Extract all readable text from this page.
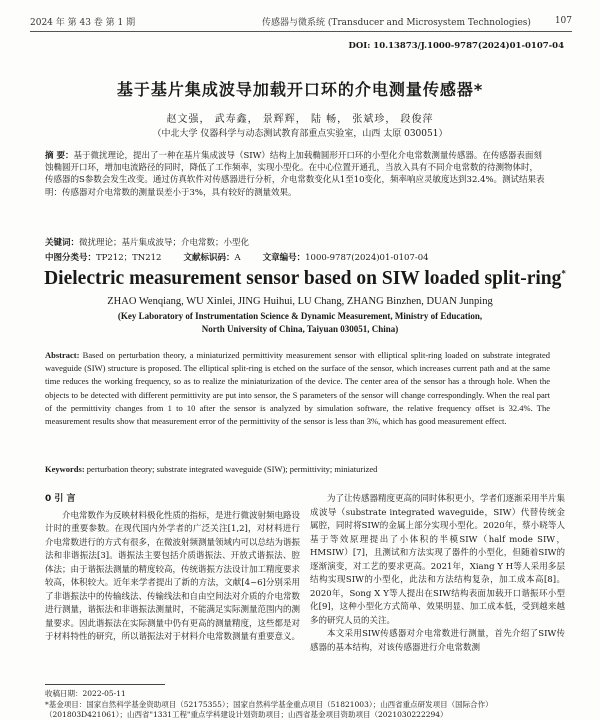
2024 年 第 43 卷 第 1 期	传感器与微系统 (Transducer and Microsystem Technologies)	107
DOI: 10.13873/J.1000-9787(2024)01-0107-04
基于基片集成波导加载开口环的介电测量传感器*
赵文强， 武寿鑫， 景辉辉， 陆 畅， 张斌珍， 段俊萍
（中北大学 仪器科学与动态测试教育部重点实验室，山西 太原 030051）
摘 要：基于微扰理论，提出了一种在基片集成波导（SIW）结构上加载椭圆形开口环的小型化介电常数测量传感器。在传感器表面刻蚀椭圆开口环，增加电流路径的同时，降低了工作频率，实现小型化。在中心位置开通孔，当放入具有不同介电常数的待测物体时，传感器的S参数会发生改变。通过仿真软件对传感器进行分析，介电常数变化从1至10变化，频率响应灵敏度达到32.4%。测试结果表明：传感器对介电常数的测量误差小于3%，具有较好的测量效果。
关键词：微扰理论；基片集成波导；介电常数；小型化
中图分类号：TP212；TN212	文献标识码：A	文章编号：1000-9787(2024)01-0107-04
Dielectric measurement sensor based on SIW loaded split-ring*
ZHAO Wenqiang, WU Xinlei, JING Huihui, LU Chang, ZHANG Binzhen, DUAN Junping
(Key Laboratory of Instrumentation Science & Dynamic Measurement, Ministry of Education,
North University of China, Taiyuan 030051, China)
Abstract: Based on perturbation theory, a miniaturized permittivity measurement sensor with elliptical split-ring loaded on substrate integrated waveguide (SIW) structure is proposed. The elliptical split-ring is etched on the surface of the sensor, which increases current path and at the same time reduces the working frequency, so as to realize the miniaturization of the device. The center area of the sensor has a through hole. When the objects to be detected with different permittivity are put into sensor, the S parameters of the sensor will change correspondingly. When the real part of the permittivity changes from 1 to 10 after the sensor is analyzed by simulation software, the relative frequency offset is 32.4%. The measurement results show that measurement error of the permittivity of the sensor is less than 3%, which has good measurement effect.
Keywords: perturbation theory; substrate integrated waveguide (SIW); permittivity; miniaturized
0 引 言

介电常数作为反映材料极化性质的指标，是进行微波射频电路设计时的重要参数。在现代国内外学者的广泛关注[1,2]，对材料进行介电常数进行的方式有很多，在微波射频测量领域内可以总结为谐振法和非谐振法[3]。谐振法主要包括介质谐振法、开放式谐振法、腔体法；由于谐振法测量的精度较高，传统谐振方法设计加工精度要求较高，体积较大。近年来学者提出了新的方法，文献[4~6]分别采用了非谐振法中的传输线法、传输线法和自由空间法对介质的介电常数进行测量，谐振法和非谐振法测量时，不能满足实际测量范围内的测量要求。因此谐振法在实际测量中仍有更高的测量精度，这些都是对于材料特性的研究，所以谐振法对于材料介电常数测量有重要意义。

为了让传感器精度更高的同时体积更小，学者们逐渐采用半片集成波导（substrate integrated waveguide，SIW）代替传统金属腔，同时将SIW的金属上部分实现小型化。2020年，蔡小晓等人基于等效原理提出了小体积的半模SIW（half mode SIW，HMSIW）[7]，且测试和方法实现了器件的小型化，但随着SIW的逐渐演变，对工艺的要求更高。2021年，Xiang Y H等人采用多层结构实现SIW的小型化，此法和方法结构复杂，加工成本高[8]。2020年，Song X Y等人提出在SIW结构表面加载开口谐振环小型化[9]，这种小型化方式简单、效果明显、加工成本低，受到越来越多的研究人员的关注。

本文采用SIW传感器对介电常数进行测量，首先介绍了SIW传感器的基本结构，对该传感器进行介电常数测

收稿日期：2022-05-11
*基金项目：国家自然科学基金资助项目（52175355）；国家自然科学基金重点项目（51821003）；山西省重点研发项目（国际合作）
（201803D421061）；山西省"1331工程"重点学科建设计划资助项目；山西省基金项目资助项目（2021030222294）
